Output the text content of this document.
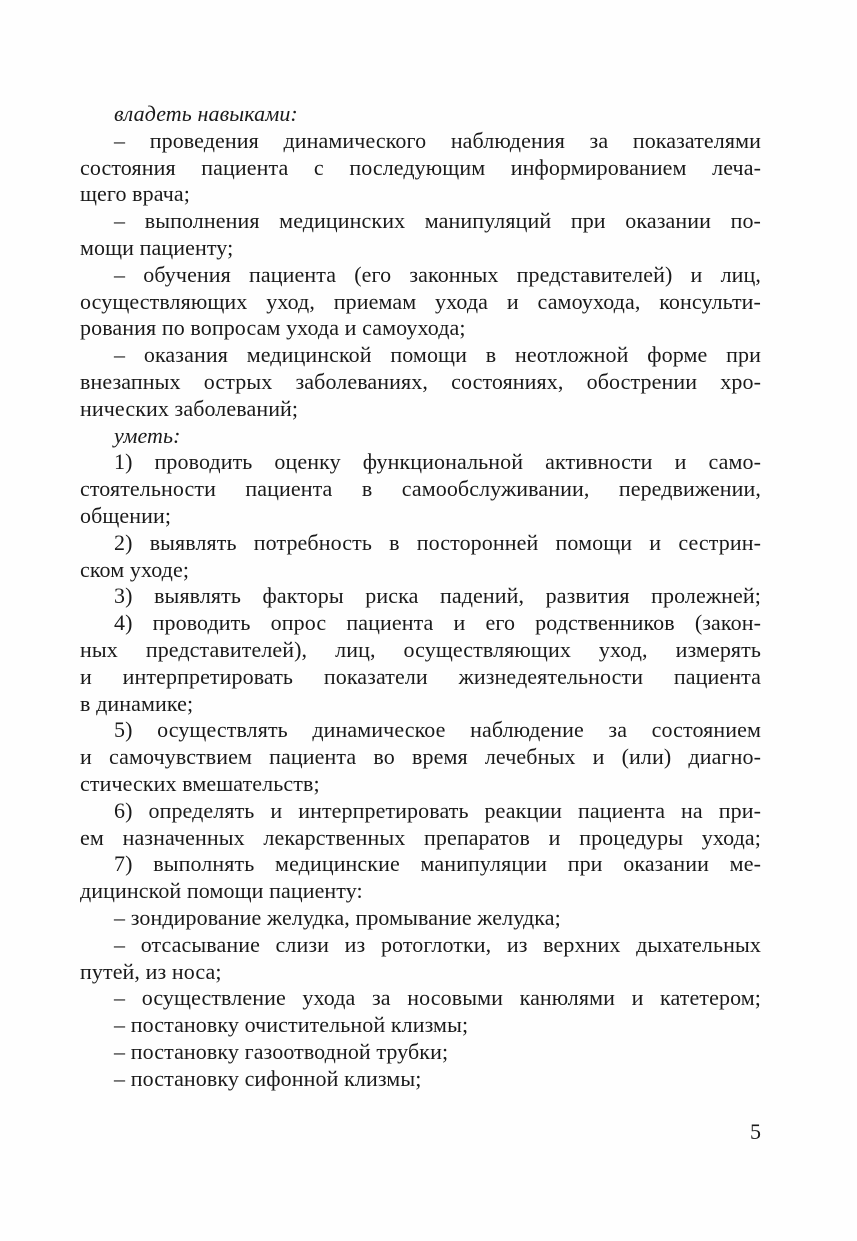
владеть навыками:
– проведения динамического наблюдения за показателями
состояния пациента с последующим информированием леча-
щего врача;
– выполнения медицинских манипуляций при оказании по-
мощи пациенту;
– обучения пациента (его законных представителей) и лиц,
осуществляющих уход, приемам ухода и самоухода, консульти-
рования по вопросам ухода и самоухода;
– оказания медицинской помощи в неотложной форме при
внезапных острых заболеваниях, состояниях, обострении хро-
нических заболеваний;
уметь:
1) проводить оценку функциональной активности и само-
стоятельности пациента в самообслуживании, передвижении,
общении;
2) выявлять потребность в посторонней помощи и сестрин-
ском уходе;
3) выявлять факторы риска падений, развития пролежней;
4) проводить опрос пациента и его родственников (закон-
ных представителей), лиц, осуществляющих уход, измерять
и интерпретировать показатели жизнедеятельности пациента
в динамике;
5) осуществлять динамическое наблюдение за состоянием
и самочувствием пациента во время лечебных и (или) диагно-
стических вмешательств;
6) определять и интерпретировать реакции пациента на при-
ем назначенных лекарственных препаратов и процедуры ухода;
7) выполнять медицинские манипуляции при оказании ме-
дицинской помощи пациенту:
– зондирование желудка, промывание желудка;
– отсасывание слизи из ротоглотки, из верхних дыхательных
путей, из носа;
– осуществление ухода за носовыми канюлями и катетером;
– постановку очистительной клизмы;
– постановку газоотводной трубки;
– постановку сифонной клизмы;
5
